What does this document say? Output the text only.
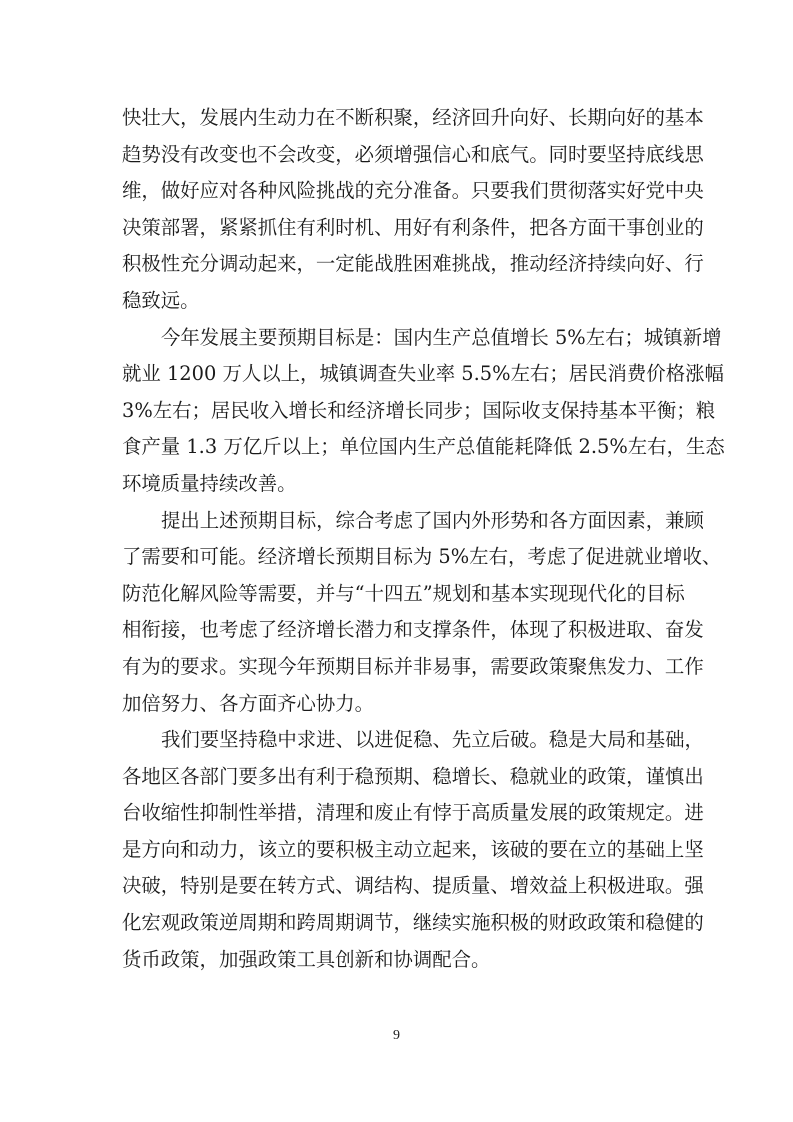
快壮大，发展内生动力在不断积聚，经济回升向好、长期向好的基本
趋势没有改变也不会改变，必须增强信心和底气。同时要坚持底线思
维，做好应对各种风险挑战的充分准备。只要我们贯彻落实好党中央
决策部署，紧紧抓住有利时机、用好有利条件，把各方面干事创业的
积极性充分调动起来，一定能战胜困难挑战，推动经济持续向好、行
稳致远。
今年发展主要预期目标是：国内生产总值增长 5%左右；城镇新增
就业 1200 万人以上，城镇调查失业率 5.5%左右；居民消费价格涨幅
3%左右；居民收入增长和经济增长同步；国际收支保持基本平衡；粮
食产量 1.3 万亿斤以上；单位国内生产总值能耗降低 2.5%左右，生态
环境质量持续改善。
提出上述预期目标，综合考虑了国内外形势和各方面因素，兼顾
了需要和可能。经济增长预期目标为 5%左右，考虑了促进就业增收、
防范化解风险等需要，并与“十四五”规划和基本实现现代化的目标
相衔接，也考虑了经济增长潜力和支撑条件，体现了积极进取、奋发
有为的要求。实现今年预期目标并非易事，需要政策聚焦发力、工作
加倍努力、各方面齐心协力。
我们要坚持稳中求进、以进促稳、先立后破。稳是大局和基础，
各地区各部门要多出有利于稳预期、稳增长、稳就业的政策，谨慎出
台收缩性抑制性举措，清理和废止有悖于高质量发展的政策规定。进
是方向和动力，该立的要积极主动立起来，该破的要在立的基础上坚
决破，特别是要在转方式、调结构、提质量、增效益上积极进取。强
化宏观政策逆周期和跨周期调节，继续实施积极的财政政策和稳健的
货币政策，加强政策工具创新和协调配合。
9
